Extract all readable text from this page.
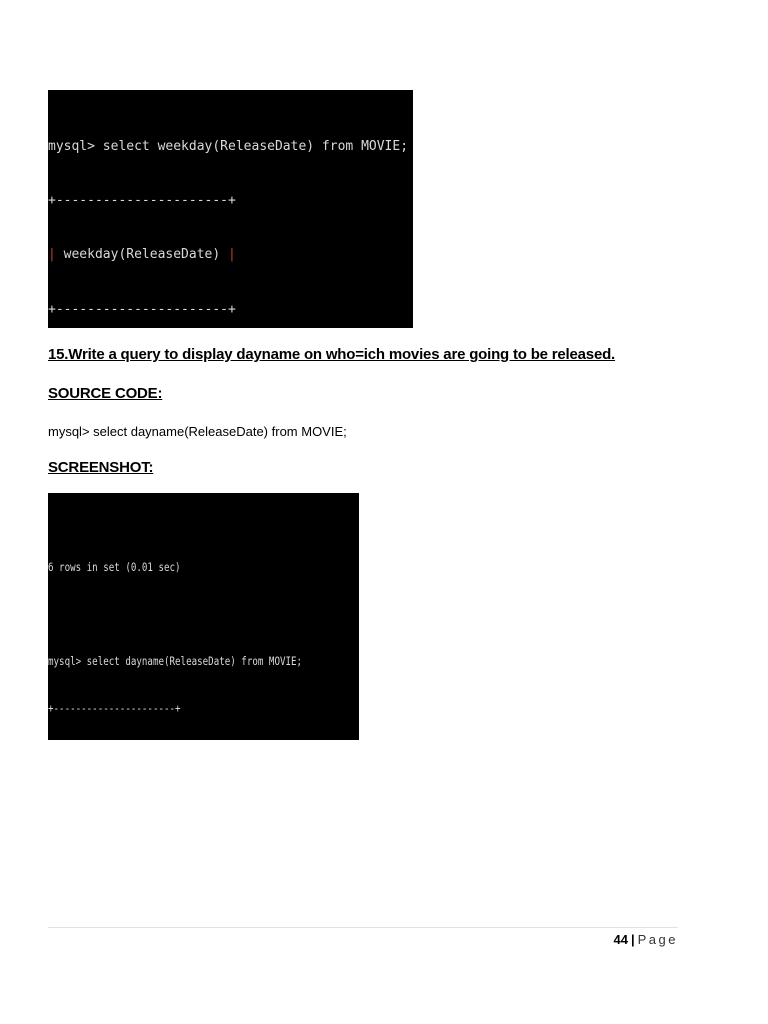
mysql> select weekday(ReleaseDate) from MOVIE;

+----------------------+

| weekday(ReleaseDate) |

+----------------------+

15.Write a query to display dayname on who=ich movies are going to be released.
SOURCE CODE:
mysql> select dayname(ReleaseDate) from MOVIE;
SCREENSHOT:

6 rows in set (0.01 sec)

mysql> select dayname(ReleaseDate) from MOVIE;

+----------------------+

44 | Page
